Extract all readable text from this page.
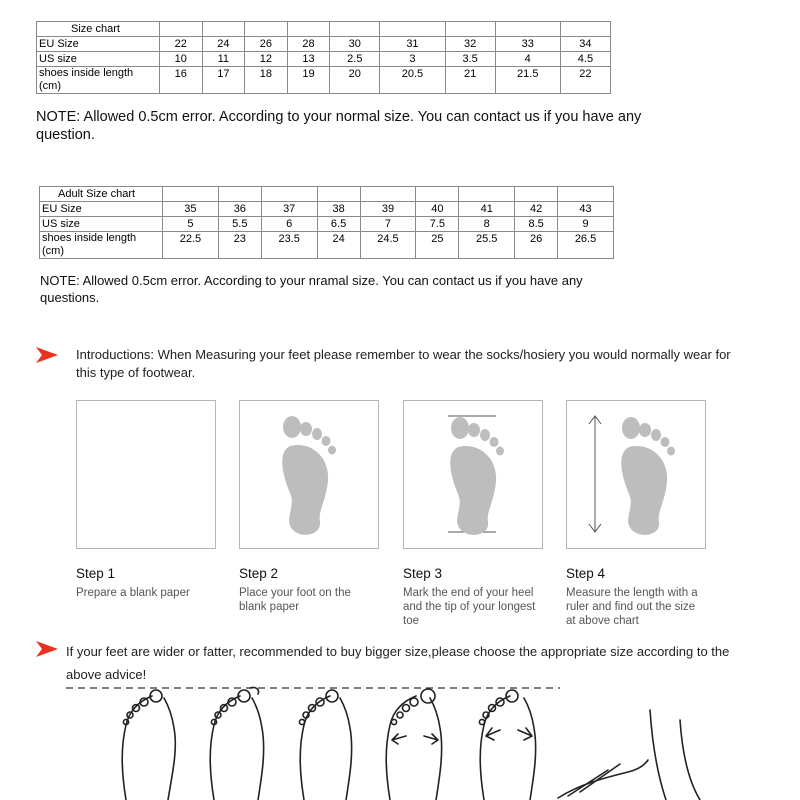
Size chart									
EU Size	22	24	26	28	30	31	32	33	34
US size	10	11	12	13	2.5	3	3.5	4	4.5
shoes inside length
(cm)	16	17	18	19	20	20.5	21	21.5	22
NOTE: Allowed 0.5cm error. According to your normal size. You can contact us if you have any question.
Adult Size chart									
EU Size	35	36	37	38	39	40	41	42	43
US size	5	5.5	6	6.5	7	7.5	8	8.5	9
shoes inside length
(cm)	22.5	23	23.5	24	24.5	25	25.5	26	26.5
NOTE: Allowed 0.5cm error. According to your nramal size. You can contact us if you have any questions.
Introductions: When Measuring your feet please remember to wear the socks/hosiery you would normally wear for this type of footwear.
Step 1
Prepare a blank paper
Step 2
Place your foot on the blank paper
Step 3
Mark the end of your heel and the tip of your longest toe
Step 4
Measure the length with a ruler and find out the size at above chart
If your feet are wider or fatter, recommended to buy bigger size,please choose the appropriate size according to the above advice!
